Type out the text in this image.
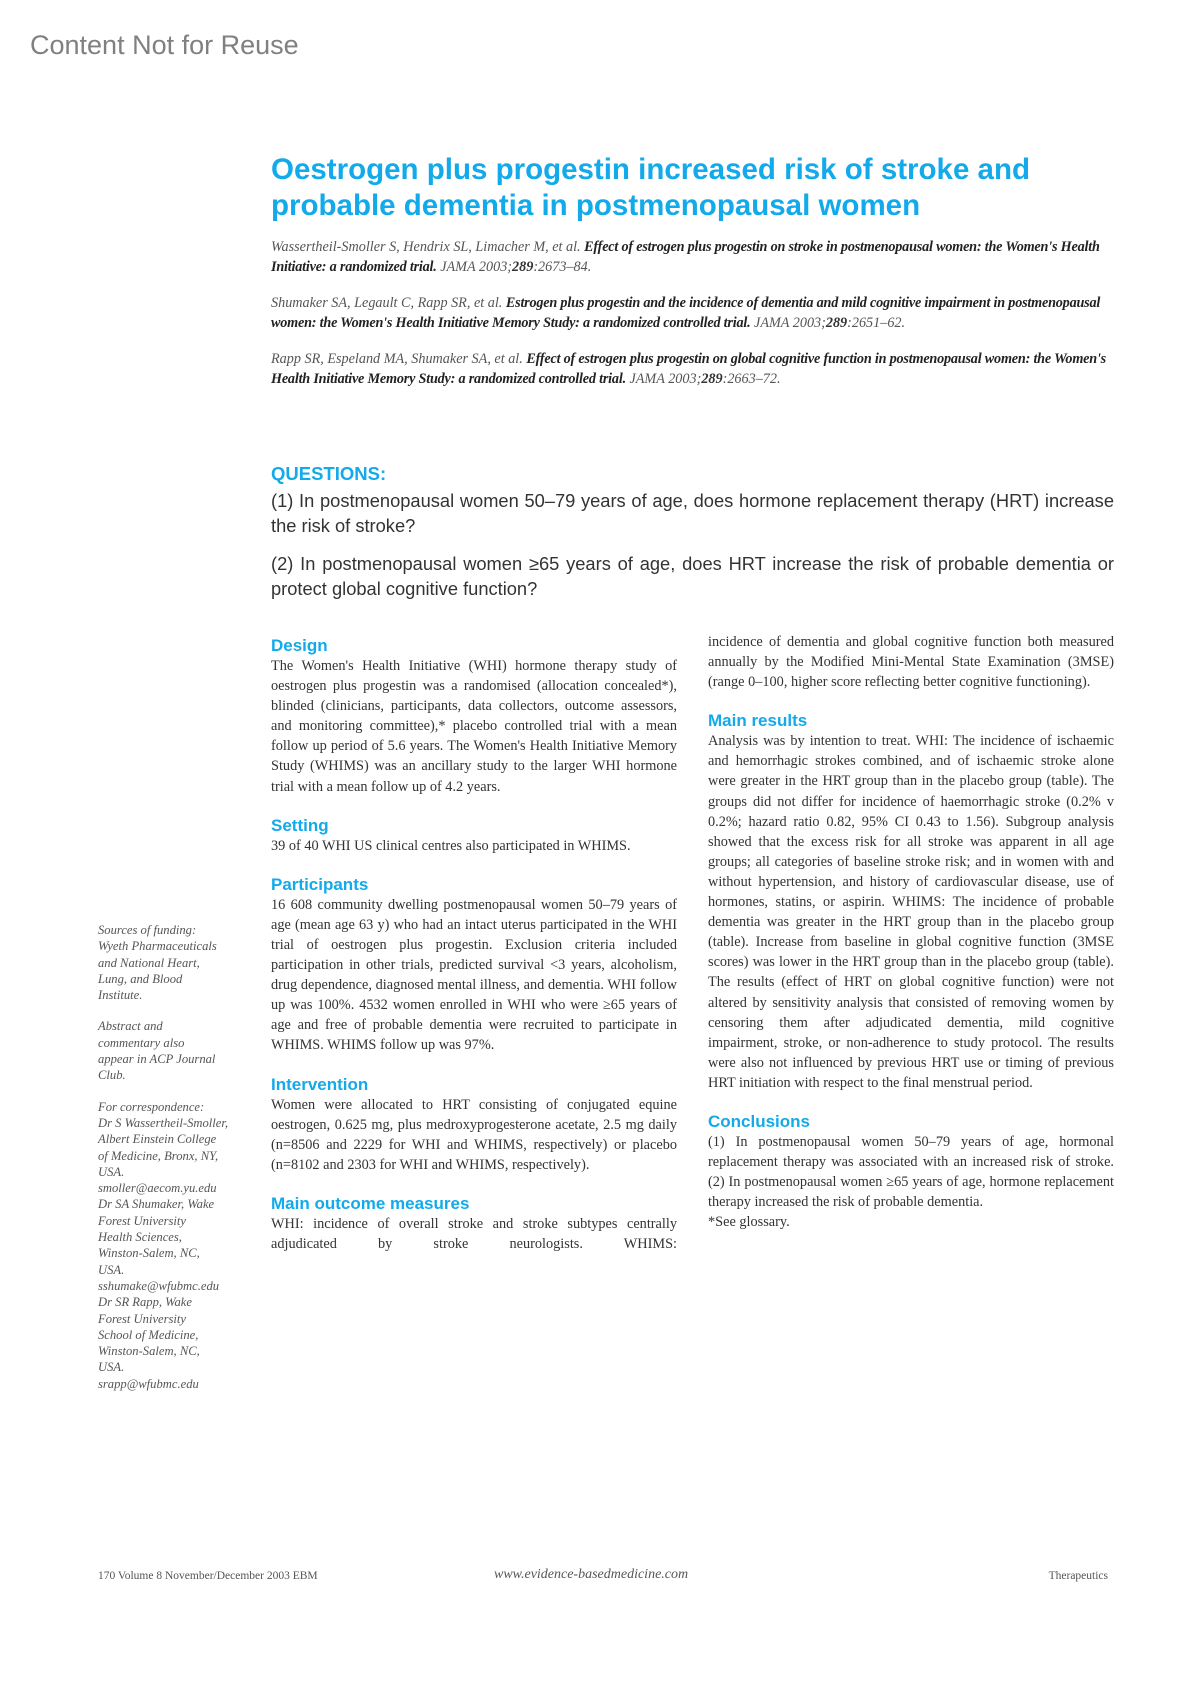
Content Not for Reuse
Oestrogen plus progestin increased risk of stroke and probable dementia in postmenopausal women

Wassertheil-Smoller S, Hendrix SL, Limacher M, et al. Effect of estrogen plus progestin on stroke in postmenopausal women: the Women's Health Initiative: a randomized trial. JAMA 2003;289:2673–84.

Shumaker SA, Legault C, Rapp SR, et al. Estrogen plus progestin and the incidence of dementia and mild cognitive impairment in postmenopausal women: the Women's Health Initiative Memory Study: a randomized controlled trial. JAMA 2003;289:2651–62.

Rapp SR, Espeland MA, Shumaker SA, et al. Effect of estrogen plus progestin on global cognitive function in postmenopausal women: the Women's Health Initiative Memory Study: a randomized controlled trial. JAMA 2003;289:2663–72.

QUESTIONS:

(1) In postmenopausal women 50–79 years of age, does hormone replacement therapy (HRT) increase the risk of stroke?

(2) In postmenopausal women ≥65 years of age, does HRT increase the risk of probable dementia or protect global cognitive function?

Sources of funding:
Wyeth Pharmaceuticals
and National Heart,
Lung, and Blood
Institute.

Abstract and
commentary also
appear in ACP Journal
Club.

For correspondence:
Dr S Wassertheil-Smoller,
Albert Einstein College
of Medicine, Bronx, NY,
USA.
smoller@aecom.yu.edu
Dr SA Shumaker, Wake
Forest University
Health Sciences,
Winston-Salem, NC,
USA.
sshumake@wfubmc.edu
Dr SR Rapp, Wake
Forest University
School of Medicine,
Winston-Salem, NC,
USA.
srapp@wfubmc.edu

Design

The Women's Health Initiative (WHI) hormone therapy study of oestrogen plus progestin was a randomised (allocation concealed*), blinded (clinicians, participants, data collectors, outcome assessors, and monitoring committee),* placebo controlled trial with a mean follow up period of 5.6 years. The Women's Health Initiative Memory Study (WHIMS) was an ancillary study to the larger WHI hormone trial with a mean follow up of 4.2 years.

Setting

39 of 40 WHI US clinical centres also participated in WHIMS.

Participants

16 608 community dwelling postmenopausal women 50–79 years of age (mean age 63 y) who had an intact uterus participated in the WHI trial of oestrogen plus progestin. Exclusion criteria included participation in other trials, predicted survival <3 years, alcoholism, drug dependence, diagnosed mental illness, and dementia. WHI follow up was 100%. 4532 women enrolled in WHI who were ≥65 years of age and free of probable dementia were recruited to participate in WHIMS. WHIMS follow up was 97%.

Intervention

Women were allocated to HRT consisting of conjugated equine oestrogen, 0.625 mg, plus medroxyprogesterone acetate, 2.5 mg daily (n=8506 and 2229 for WHI and WHIMS, respectively) or placebo (n=8102 and 2303 for WHI and WHIMS, respectively).

Main outcome measures

WHI: incidence of overall stroke and stroke subtypes centrally adjudicated by stroke neurologists. WHIMS:

incidence of dementia and global cognitive function both measured annually by the Modified Mini-Mental State Examination (3MSE) (range 0–100, higher score reflecting better cognitive functioning).

Main results

Analysis was by intention to treat. WHI: The incidence of ischaemic and hemorrhagic strokes combined, and of ischaemic stroke alone were greater in the HRT group than in the placebo group (table). The groups did not differ for incidence of haemorrhagic stroke (0.2% v 0.2%; hazard ratio 0.82, 95% CI 0.43 to 1.56). Subgroup analysis showed that the excess risk for all stroke was apparent in all age groups; all categories of baseline stroke risk; and in women with and without hypertension, and history of cardiovascular disease, use of hormones, statins, or aspirin. WHIMS: The incidence of probable dementia was greater in the HRT group than in the placebo group (table). Increase from baseline in global cognitive function (3MSE scores) was lower in the HRT group than in the placebo group (table). The results (effect of HRT on global cognitive function) were not altered by sensitivity analysis that consisted of removing women by censoring them after adjudicated dementia, mild cognitive impairment, stroke, or non-adherence to study protocol. The results were also not influenced by previous HRT use or timing of previous HRT initiation with respect to the final menstrual period.

Conclusions

(1) In postmenopausal women 50–79 years of age, hormonal replacement therapy was associated with an increased risk of stroke. (2) In postmenopausal women ≥65 years of age, hormone replacement therapy increased the risk of probable dementia.

*See glossary.

170 Volume 8 November/December 2003 EBM	www.evidence-basedmedicine.com	Therapeutics
